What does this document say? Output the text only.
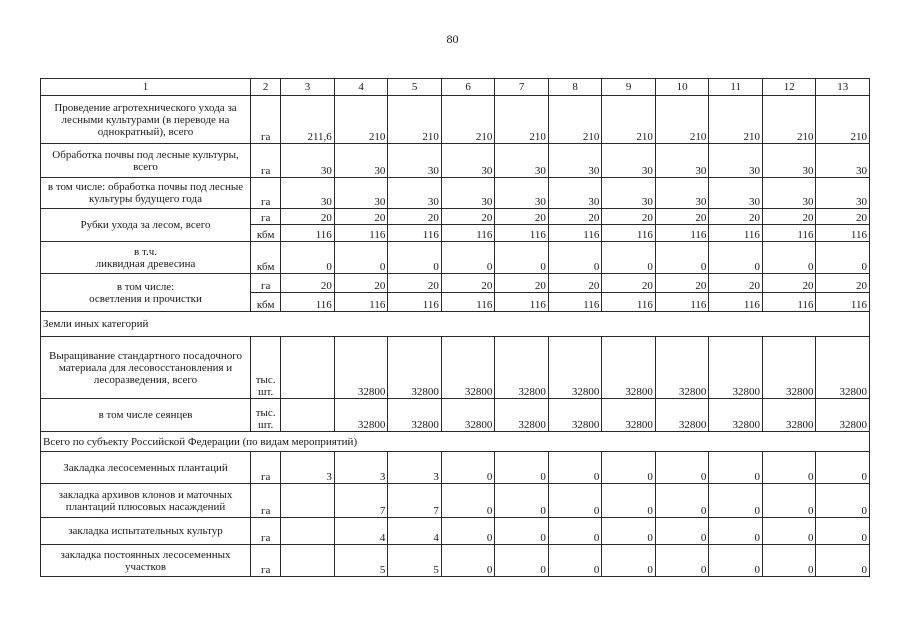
80
1	2	3	4	5	6	7	8	9	10	11	12	13
Проведение агротехнического ухода за лесными культурами (в переводе на однократный), всего	га	211,6	210	210	210	210	210	210	210	210	210	210
Обработка почвы под лесные культуры, всего	га	30	30	30	30	30	30	30	30	30	30	30
в том числе: обработка почвы под лесные культуры будущего года	га	30	30	30	30	30	30	30	30	30	30	30
Рубки ухода за лесом, всего	га	20	20	20	20	20	20	20	20	20	20	20
	кбм	116	116	116	116	116	116	116	116	116	116	116

в т.ч.
ликвидная древесина	кбм	0	0	0	0	0	0	0	0	0	0	0

в том числе:
осветления и прочистки	га	20	20	20	20	20	20	20	20	20	20	20
	кбм	116	116	116	116	116	116	116	116	116	116	116
Земли иных категорий												
Выращивание стандартного посадочного материала для лесовосстановления и лесоразведения, всего	тыс. шт.		32800	32800	32800	32800	32800	32800	32800	32800	32800	32800
в том числе сеянцев	тыс. шт.		32800	32800	32800	32800	32800	32800	32800	32800	32800	32800
Всего по субъекту Российской Федерации (по видам мероприятий)												
Закладка лесосеменных плантаций	га	3	3	3	0	0	0	0	0	0	0	0
закладка архивов клонов и маточных плантаций плюсовых насаждений	га		7	7	0	0	0	0	0	0	0	0
закладка испытательных культур	га		4	4	0	0	0	0	0	0	0	0
закладка постоянных лесосеменных участков	га		5	5	0	0	0	0	0	0	0	0
